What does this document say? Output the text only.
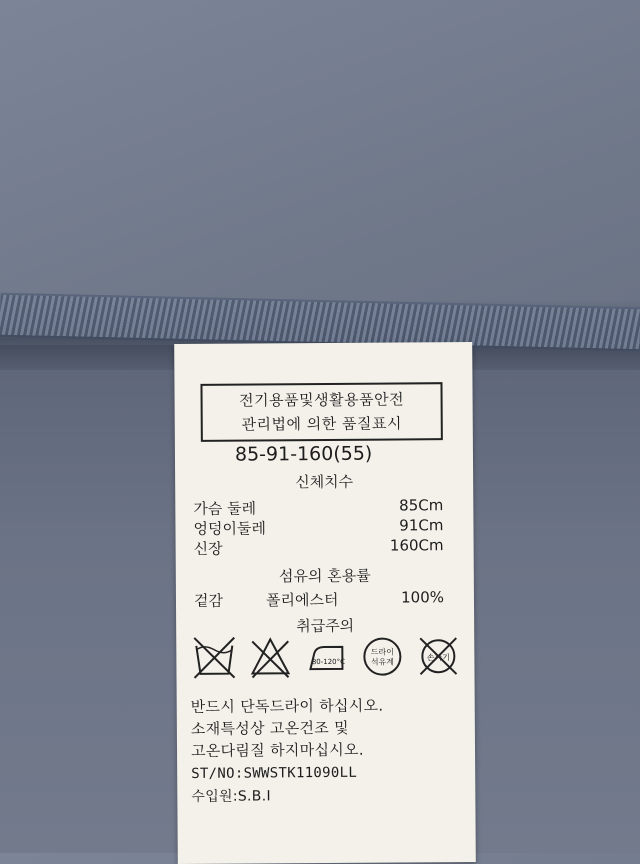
전기용품및생활용품안전
관리법에 의한 품질표시
85-91-160(55)
신체치수
가슴 둘레	85Cm
엉덩이둘레	91Cm
신장	160Cm
섬유의 혼용률
겉감	폴리에스터	100%
취급주의
80-120°C
드라이
석유계	손짜기
반드시 단독드라이 하십시오.
소재특성상 고온건조 및
고온다림질 하지마십시오.
ST/NO:SWWSTK11090LL
수입원:S.B.I
